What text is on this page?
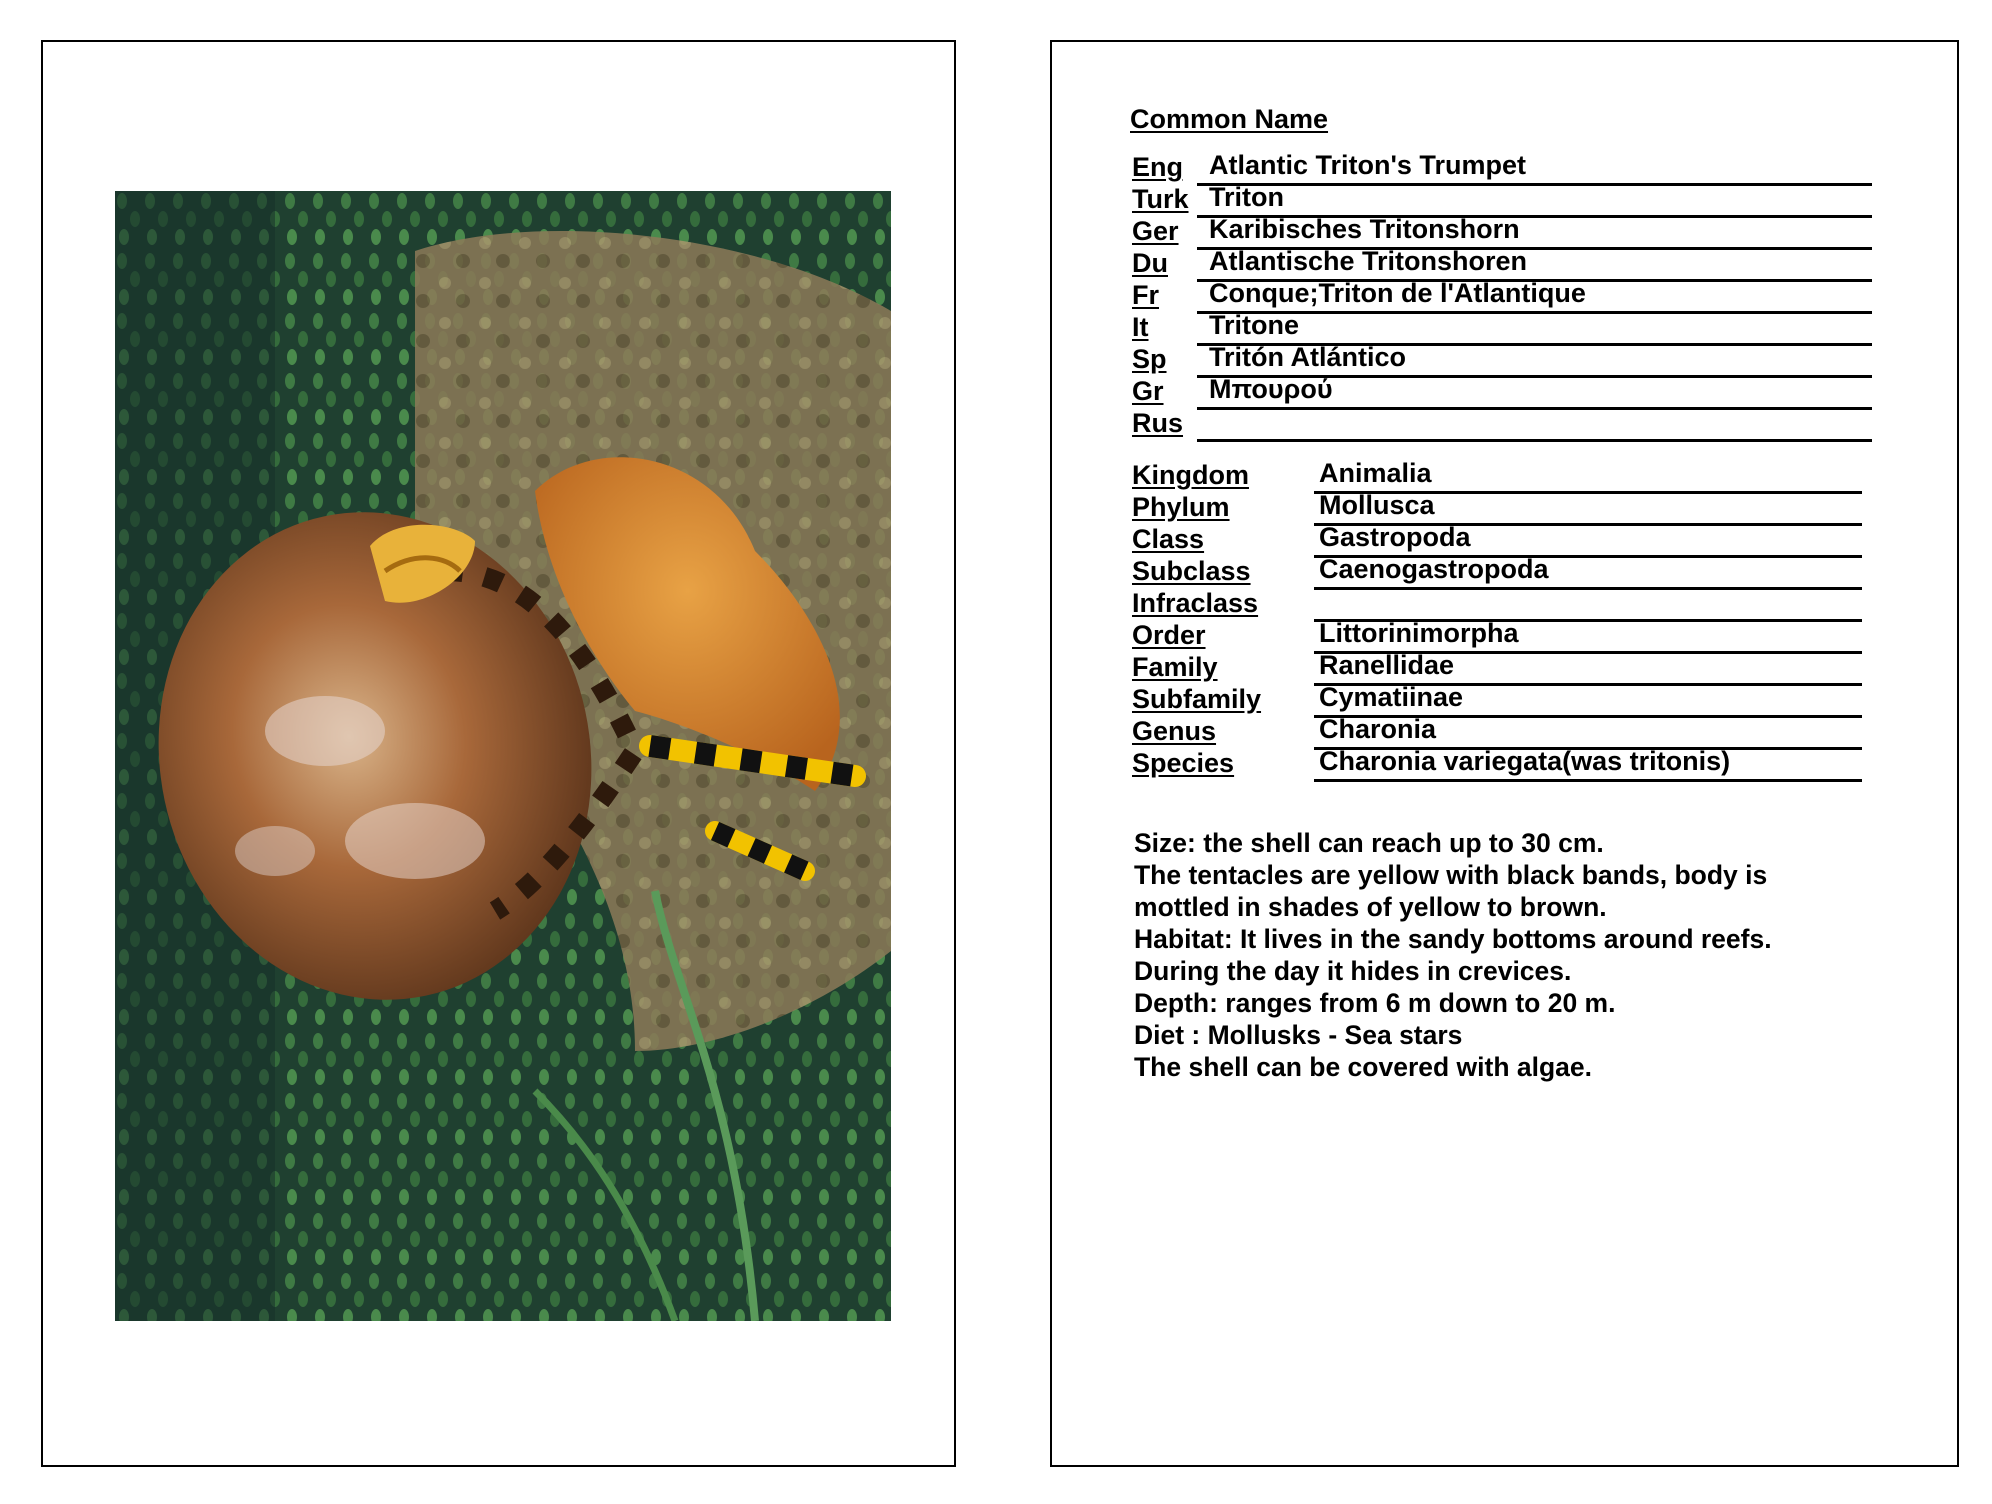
Common Name
Eng Atlantic Triton's Trumpet
Turk Triton
Ger Karibisches Tritonshorn
Du Atlantische Tritonshoren
Fr Conque;Triton de l'Atlantique
It Tritone
Sp Tritón Atlántico
Gr Μπουρού
Rus
Kingdom	Animalia
Phylum	Mollusca
Class	Gastropoda
Subclass	Caenogastropoda
Infraclass
Order	Littorinimorpha
Family	Ranellidae
Subfamily Cymatiinae
Genus	Charonia
Species	Charonia variegata(was tritonis)
Size: the shell can reach up to 30 cm.
The tentacles are yellow with black bands, body is
mottled in shades of yellow to brown.
Habitat: It lives in the sandy bottoms around reefs.
During the day it hides in crevices.
Depth: ranges from 6 m down to 20 m.
Diet : Mollusks - Sea stars
The shell can be covered with algae.
